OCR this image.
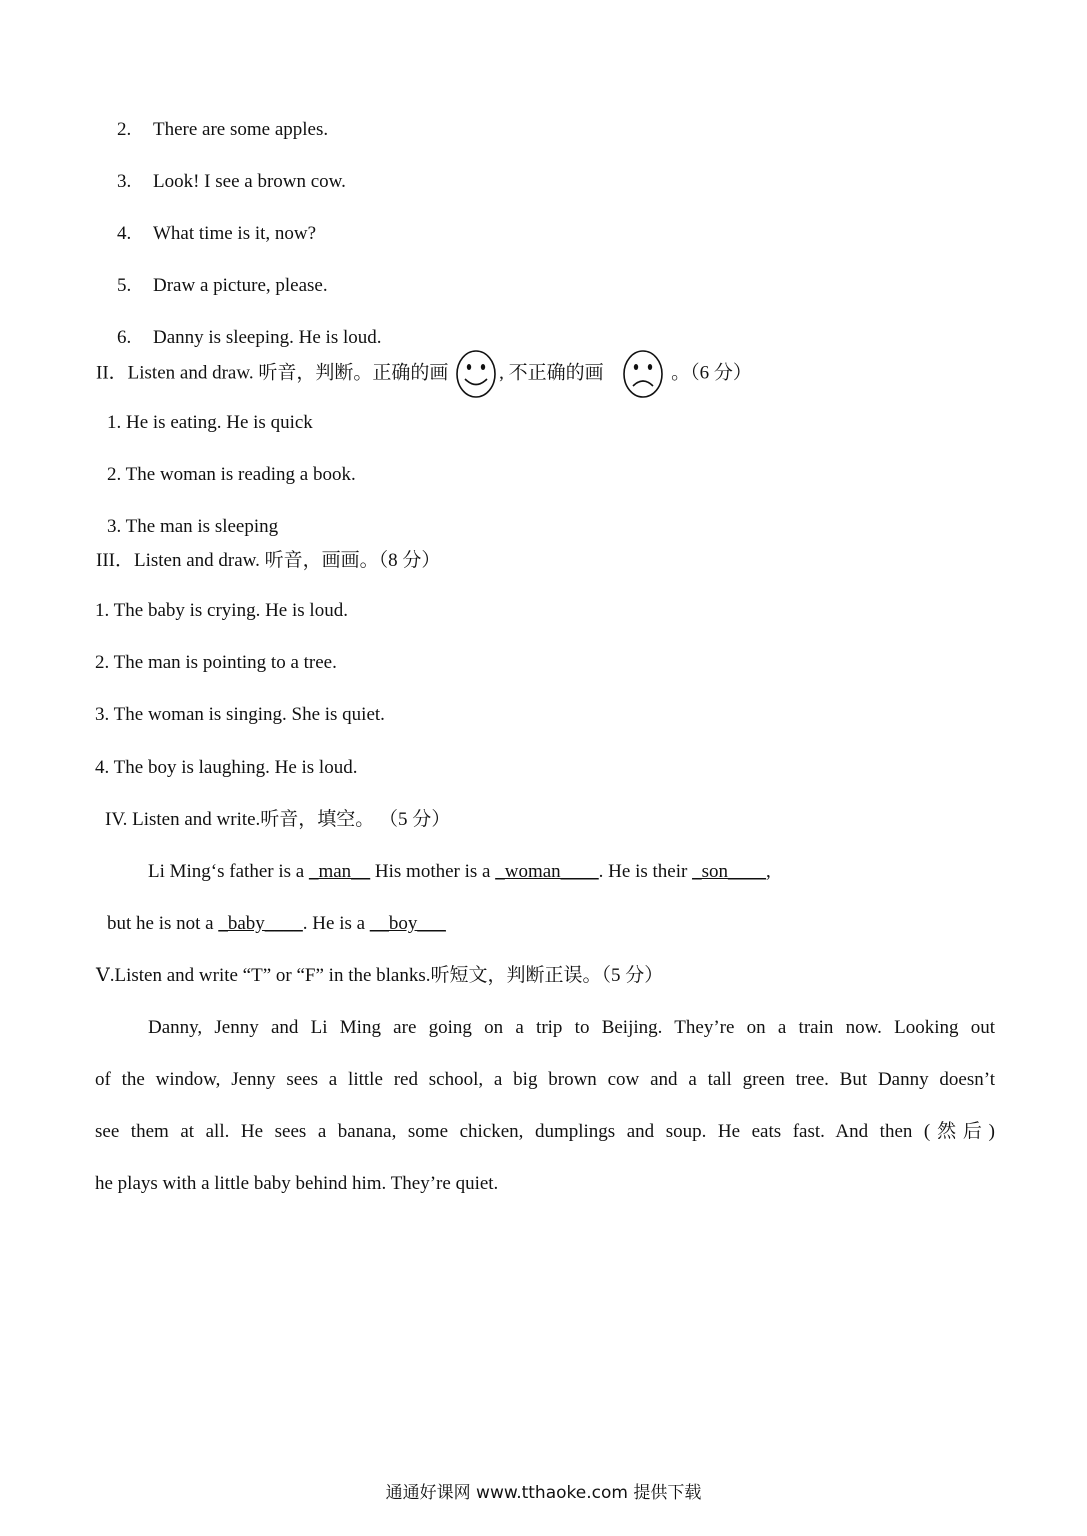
2. There are some apples.
3. Look! I see a brown cow.
4. What time is it, now?
5. Draw a picture, please.
6. Danny is sleeping. He is loud.
II．Listen and draw. 听音，判断。正确的画	, 不正确的画	。（6 分）
1. He is eating. He is quick
2. The woman is reading a book.
3. The man is sleeping
III．Listen and draw. 听音，画画。（8 分）
1. The baby is crying. He is loud.
2. The man is pointing to a tree.
3. The woman is singing. She is quiet.
4. The boy is laughing. He is loud.
IV. Listen and write.听音，填空。 （5 分）
Li Ming‘s father is a _man__ His mother is a _woman____. He is their _son____,
but he is not a _baby____. He is a __boy___
Ⅴ.Listen and write “T” or “F” in the blanks.听短文，判断正误。（5 分）
Danny, Jenny and Li Ming are going on a trip to Beijing. They’re on a train now. Looking out
of the window, Jenny sees a little red school, a big brown cow and a tall green tree. But Danny doesn’t
see them at all. He sees a banana, some chicken, dumplings and soup. He eats fast. And then (然后)
he plays with a little baby behind him. They’re quiet.
通通好课网 www.tthaoke.com 提供下载
